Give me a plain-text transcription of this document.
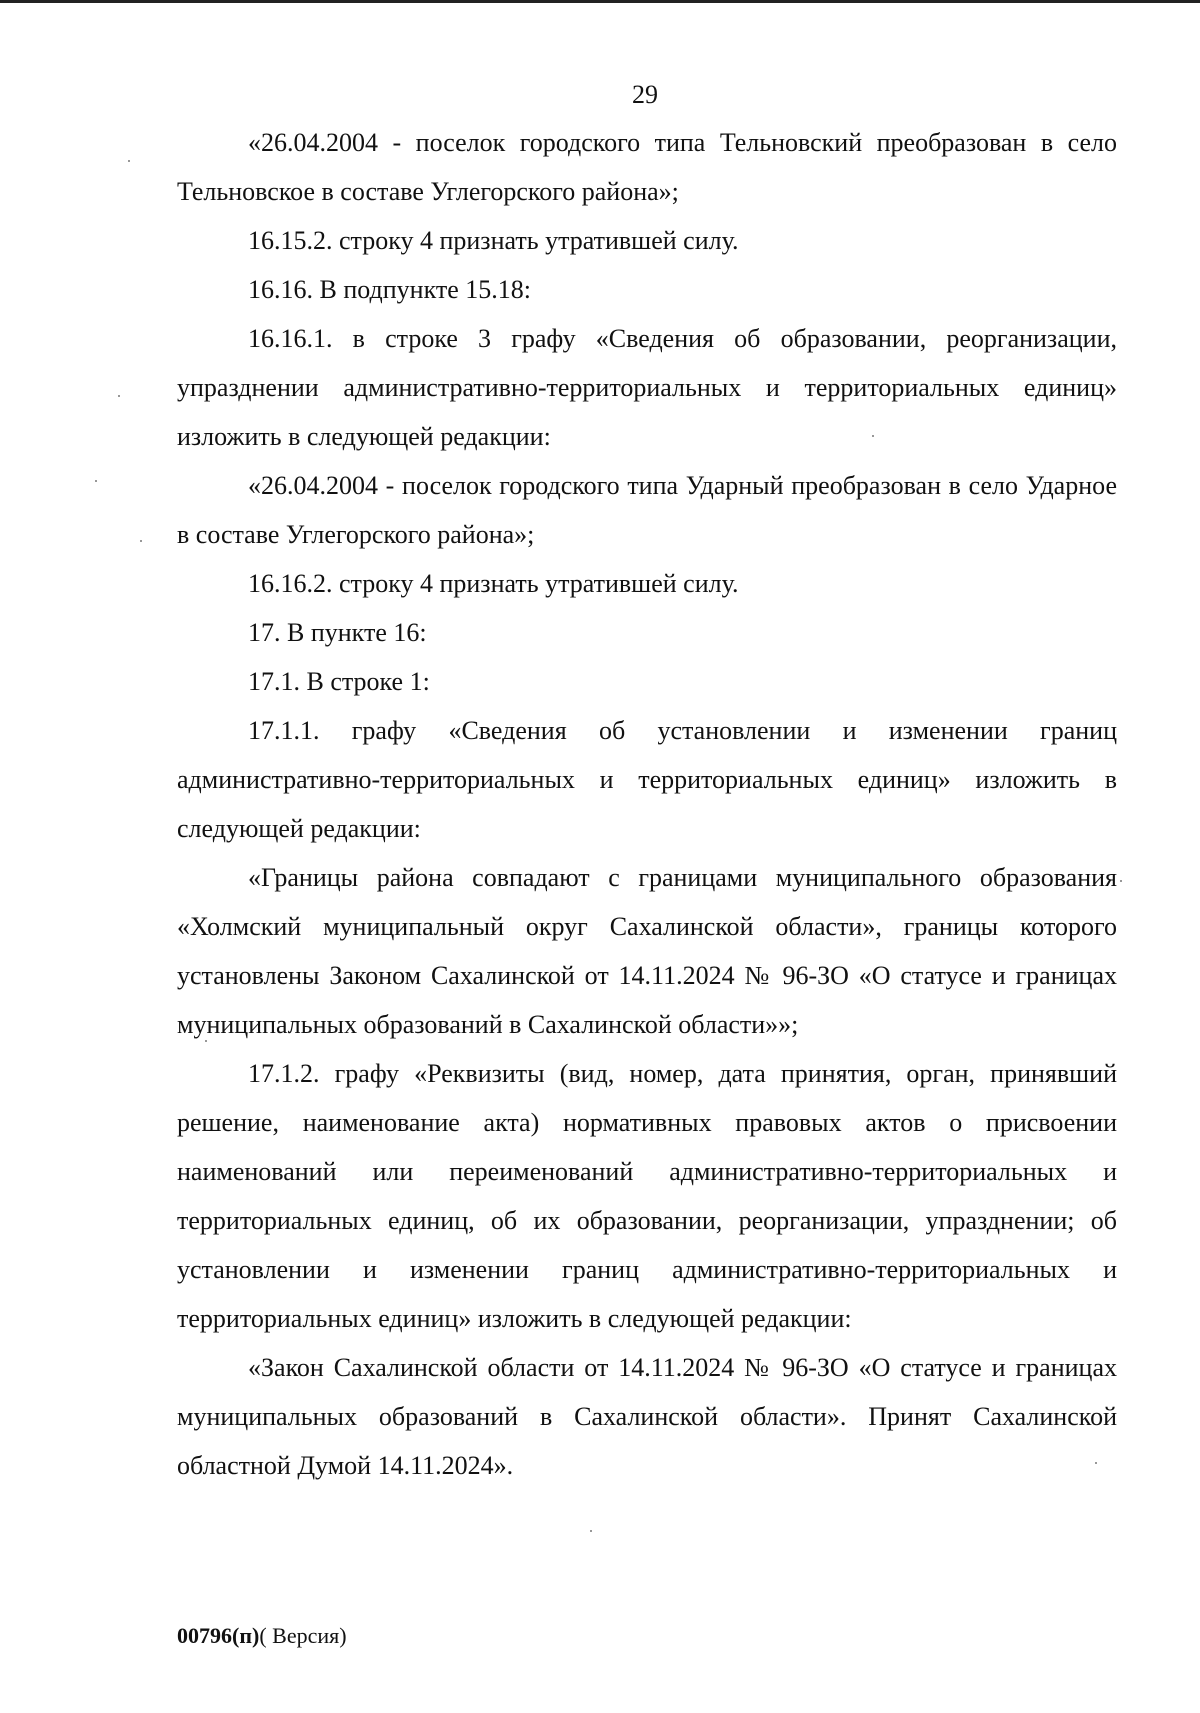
29

«26.04.2004 - поселок городского типа Тельновский преобразован в село Тельновское в составе Углегорского района»;

16.15.2. строку 4 признать утратившей силу.

16.16. В подпункте 15.18:

16.16.1. в строке 3 графу «Сведения об образовании, реорганизации, упразднении административно-территориальных и территориальных единиц» изложить в следующей редакции:

«26.04.2004 - поселок городского типа Ударный преобразован в село Ударное в составе Углегорского района»;

16.16.2. строку 4 признать утратившей силу.

17. В пункте 16:

17.1. В строке 1:

17.1.1. графу «Сведения об установлении и изменении границ административно-территориальных и территориальных единиц» изложить в следующей редакции:

«Границы района совпадают с границами муниципального образования «Холмский муниципальный округ Сахалинской области», границы которого установлены Законом Сахалинской от 14.11.2024 № 96-ЗО «О статусе и границах муниципальных образований в Сахалинской области»»;

17.1.2. графу «Реквизиты (вид, номер, дата принятия, орган, принявший решение, наименование акта) нормативных правовых актов о присвоении наименований или переименований административно-территориальных и территориальных единиц, об их образовании, реорганизации, упразднении; об установлении и изменении границ административно-территориальных и территориальных единиц» изложить в следующей редакции:

«Закон Сахалинской области от 14.11.2024 № 96-ЗО «О статусе и границах муниципальных образований в Сахалинской области». Принят Сахалинской областной Думой 14.11.2024».

00796(п)( Версия)
